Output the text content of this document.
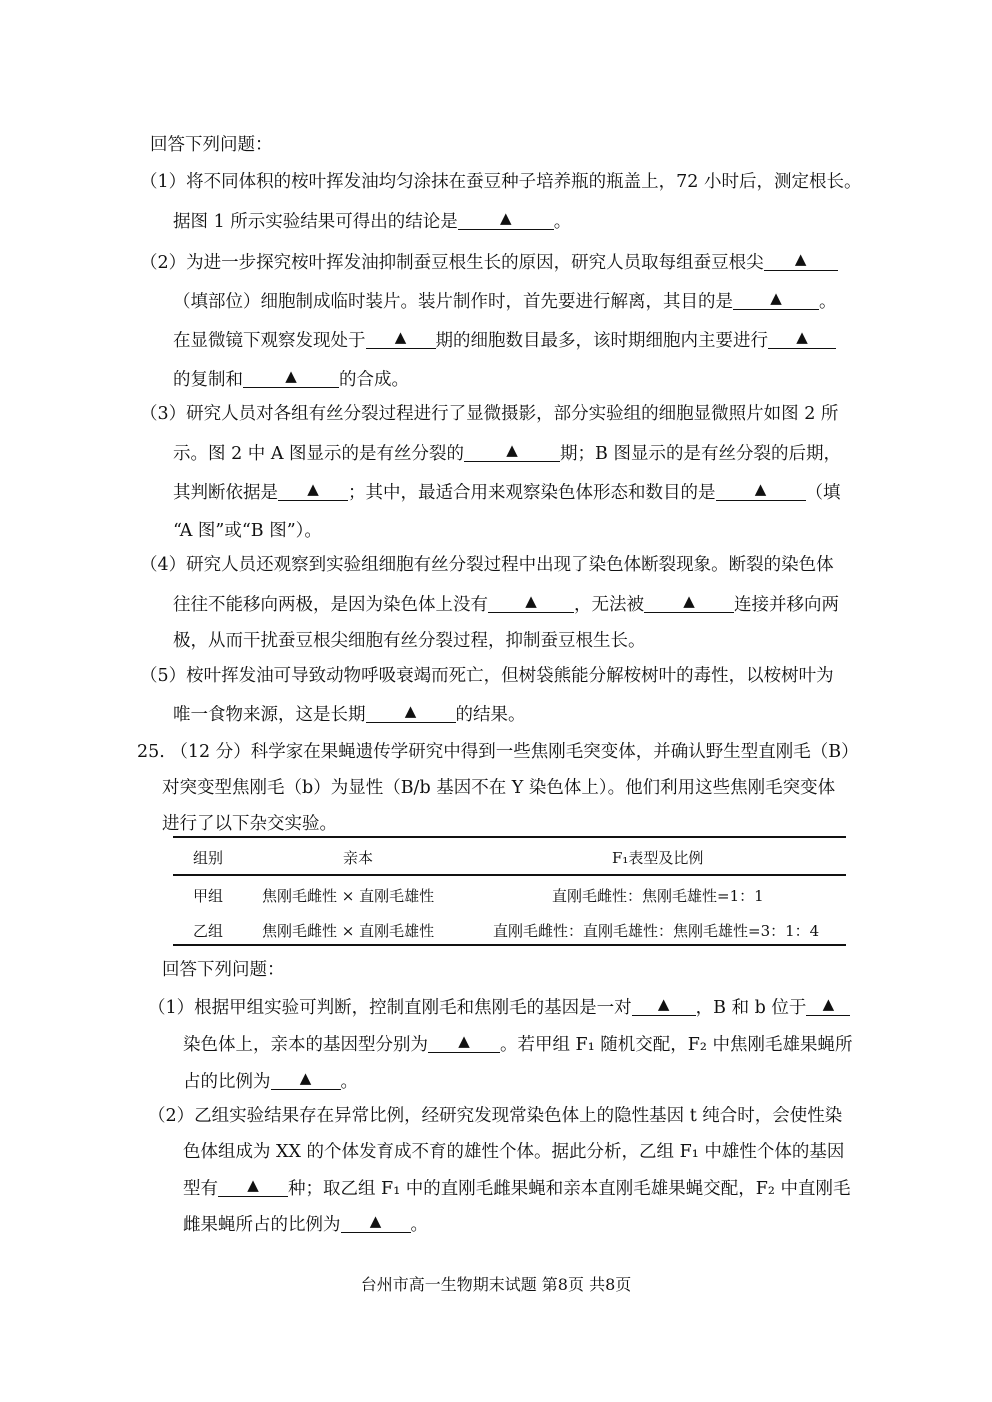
回答下列问题：
（1）将不同体积的桉叶挥发油均匀涂抹在蚕豆种子培养瓶的瓶盖上，72 小时后，测定根长。
据图 1 所示实验结果可得出的结论是	▲ 。
（2）为进一步探究桉叶挥发油抑制蚕豆根生长的原因，研究人员取每组蚕豆根尖 ▲
（填部位）细胞制成临时装片。装片制作时，首先要进行解离，其目的是 ▲ 。
在显微镜下观察发现处于 ▲ 期的细胞数目最多，该时期细胞内主要进行 ▲
的复制和	▲ 的合成。
（3）研究人员对各组有丝分裂过程进行了显微摄影，部分实验组的细胞显微照片如图 2 所
示。图 2 中 A 图显示的是有丝分裂的	▲ 期；B 图显示的是有丝分裂的后期，
其判断依据是 ▲ ；其中，最适合用来观察染色体形态和数目的是	▲ （填
“A 图”或“B 图”）。
（4）研究人员还观察到实验组细胞有丝分裂过程中出现了染色体断裂现象。断裂的染色体
往往不能移向两极，是因为染色体上没有 ▲ ，无法被	▲ 连接并移向两
极，从而干扰蚕豆根尖细胞有丝分裂过程，抑制蚕豆根生长。
（5）桉叶挥发油可导致动物呼吸衰竭而死亡，但树袋熊能分解桉树叶的毒性，以桉树叶为
唯一食物来源，这是长期	▲ 的结果。
25. （12 分）科学家在果蝇遗传学研究中得到一些焦刚毛突变体，并确认野生型直刚毛（B）
对突变型焦刚毛（b）为显性（B/b 基因不在 Y 染色体上）。他们利用这些焦刚毛突变体
进行了以下杂交实验。
组别	亲本	F₁表型及比例
甲组	焦刚毛雌性 × 直刚毛雄性	直刚毛雌性：焦刚毛雄性=1：1
乙组	焦刚毛雌性 × 直刚毛雄性	直刚毛雌性：直刚毛雄性：焦刚毛雄性=3：1：4
回答下列问题：
（1）根据甲组实验可判断，控制直刚毛和焦刚毛的基因是一对 ▲ ，B 和 b 位于 ▲
染色体上，亲本的基因型分别为 ▲ 。若甲组 F₁ 随机交配，F₂ 中焦刚毛雄果蝇所
占的比例为 ▲ 。
（2）乙组实验结果存在异常比例，经研究发现常染色体上的隐性基因 t 纯合时，会使性染
色体组成为 XX 的个体发育成不育的雄性个体。据此分析，乙组 F₁ 中雄性个体的基因
型有 ▲ 种；取乙组 F₁ 中的直刚毛雌果蝇和亲本直刚毛雄果蝇交配，F₂ 中直刚毛
雌果蝇所占的比例为 ▲ 。
台州市高一生物期末试题 第8页 共8页
